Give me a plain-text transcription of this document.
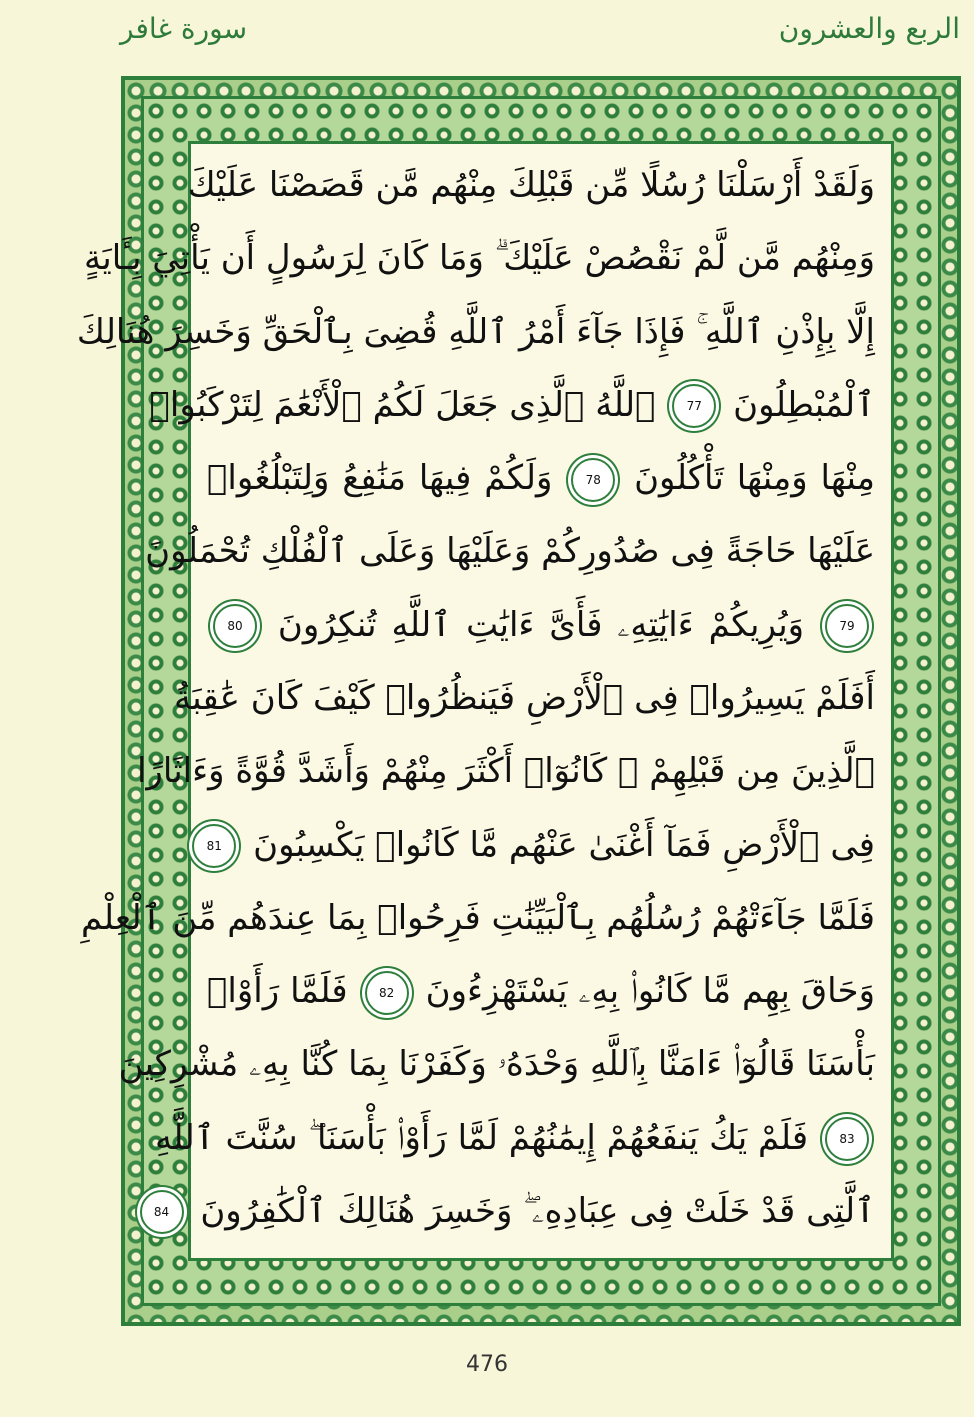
سورة غافر	الربع والعشرون
وَلَقَدْ أَرْسَلْنَا رُسُلًا مِّن قَبْلِكَ مِنْهُم مَّن قَصَصْنَا عَلَيْكَ
وَمِنْهُم مَّن لَّمْ نَقْصُصْ عَلَيْكَ ۗ وَمَا كَانَ لِرَسُولٍ أَن يَأْتِيَ بِـَٔايَةٍ
إِلَّا بِإِذْنِ ٱللَّهِ ۚ فَإِذَا جَآءَ أَمْرُ ٱللَّهِ قُضِىَ بِٱلْحَقِّ وَخَسِرَ هُنَالِكَ
ٱلْمُبْطِلُونَ 77 ٱللَّهُ ٱلَّذِى جَعَلَ لَكُمُ ٱلْأَنْعَٰمَ لِتَرْكَبُوا۟
مِنْهَا وَمِنْهَا تَأْكُلُونَ 78 وَلَكُمْ فِيهَا مَنَٰفِعُ وَلِتَبْلُغُوا۟
عَلَيْهَا حَاجَةً فِى صُدُورِكُمْ وَعَلَيْهَا وَعَلَى ٱلْفُلْكِ تُحْمَلُونَ
79 وَيُرِيكُمْ ءَايَٰتِهِۦ فَأَىَّ ءَايَٰتِ ٱللَّهِ تُنكِرُونَ 80
أَفَلَمْ يَسِيرُوا۟ فِى ٱلْأَرْضِ فَيَنظُرُوا۟ كَيْفَ كَانَ عَٰقِبَةُ
ٱلَّذِينَ مِن قَبْلِهِمْ ۚ كَانُوٓا۟ أَكْثَرَ مِنْهُمْ وَأَشَدَّ قُوَّةً وَءَاثَارًا
فِى ٱلْأَرْضِ فَمَآ أَغْنَىٰ عَنْهُم مَّا كَانُوا۟ يَكْسِبُونَ 81
فَلَمَّا جَآءَتْهُمْ رُسُلُهُم بِٱلْبَيِّنَٰتِ فَرِحُوا۟ بِمَا عِندَهُم مِّنَ ٱلْعِلْمِ
وَحَاقَ بِهِم مَّا كَانُوا۟ بِهِۦ يَسْتَهْزِءُونَ 82 فَلَمَّا رَأَوْا۟
بَأْسَنَا قَالُوٓا۟ ءَامَنَّا بِٱللَّهِ وَحْدَهُۥ وَكَفَرْنَا بِمَا كُنَّا بِهِۦ مُشْرِكِينَ
83 فَلَمْ يَكُ يَنفَعُهُمْ إِيمَٰنُهُمْ لَمَّا رَأَوْا۟ بَأْسَنَا ۖ سُنَّتَ ٱللَّهِ
ٱلَّتِى قَدْ خَلَتْ فِى عِبَادِهِۦ ۖ وَخَسِرَ هُنَالِكَ ٱلْكَٰفِرُونَ 84
476
